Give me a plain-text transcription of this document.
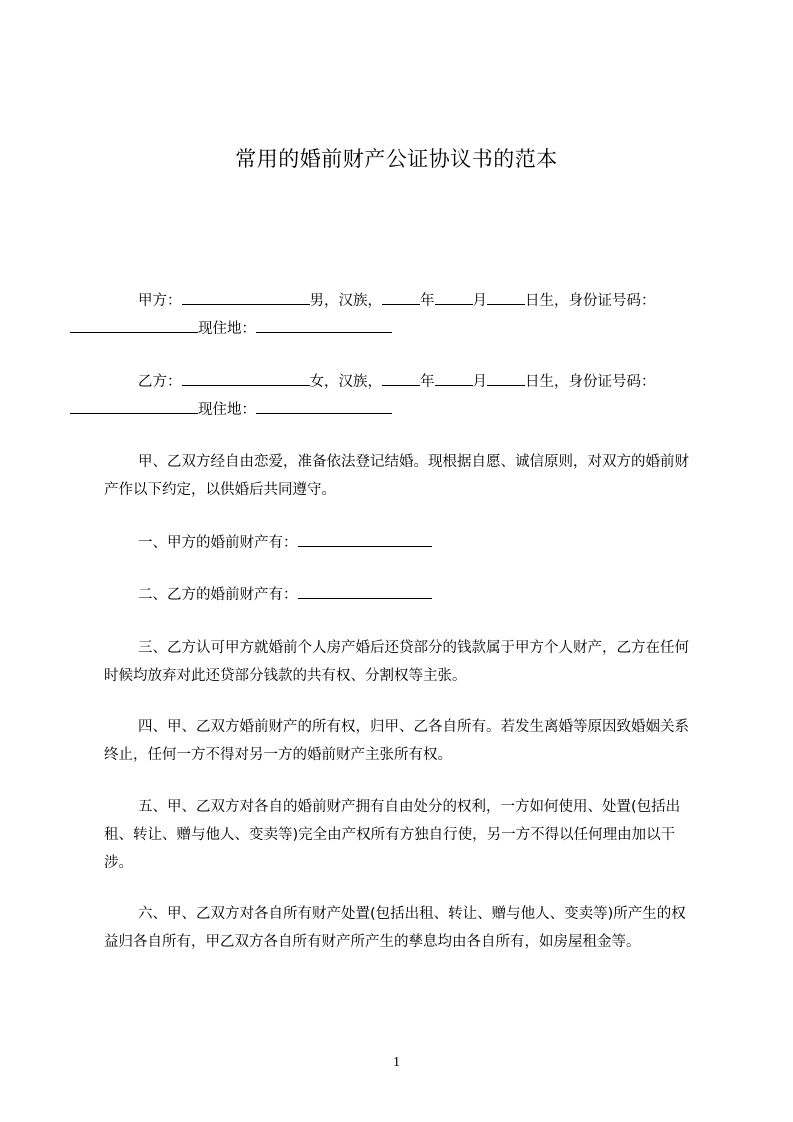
常用的婚前财产公证协议书的范本

甲方：	男，汉族，	年	月	日生，身份证号码：现住地：

乙方：	女，汉族，	年	月	日生，身份证号码：现住地：

甲、乙双方经自由恋爱，准备依法登记结婚。现根据自愿、诚信原则，对双方的婚前财产作以下约定，以供婚后共同遵守。

一、甲方的婚前财产有：

二、乙方的婚前财产有：

三、乙方认可甲方就婚前个人房产婚后还贷部分的钱款属于甲方个人财产，乙方在任何时候均放弃对此还贷部分钱款的共有权、分割权等主张。

四、甲、乙双方婚前财产的所有权，归甲、乙各自所有。若发生离婚等原因致婚姻关系终止，任何一方不得对另一方的婚前财产主张所有权。

五、甲、乙双方对各自的婚前财产拥有自由处分的权利，一方如何使用、处置(包括出租、转让、赠与他人、变卖等)完全由产权所有方独自行使，另一方不得以任何理由加以干涉。

六、甲、乙双方对各自所有财产处置(包括出租、转让、赠与他人、变卖等)所产生的权益归各自所有，甲乙双方各自所有财产所产生的孳息均由各自所有，如房屋租金等。

1
